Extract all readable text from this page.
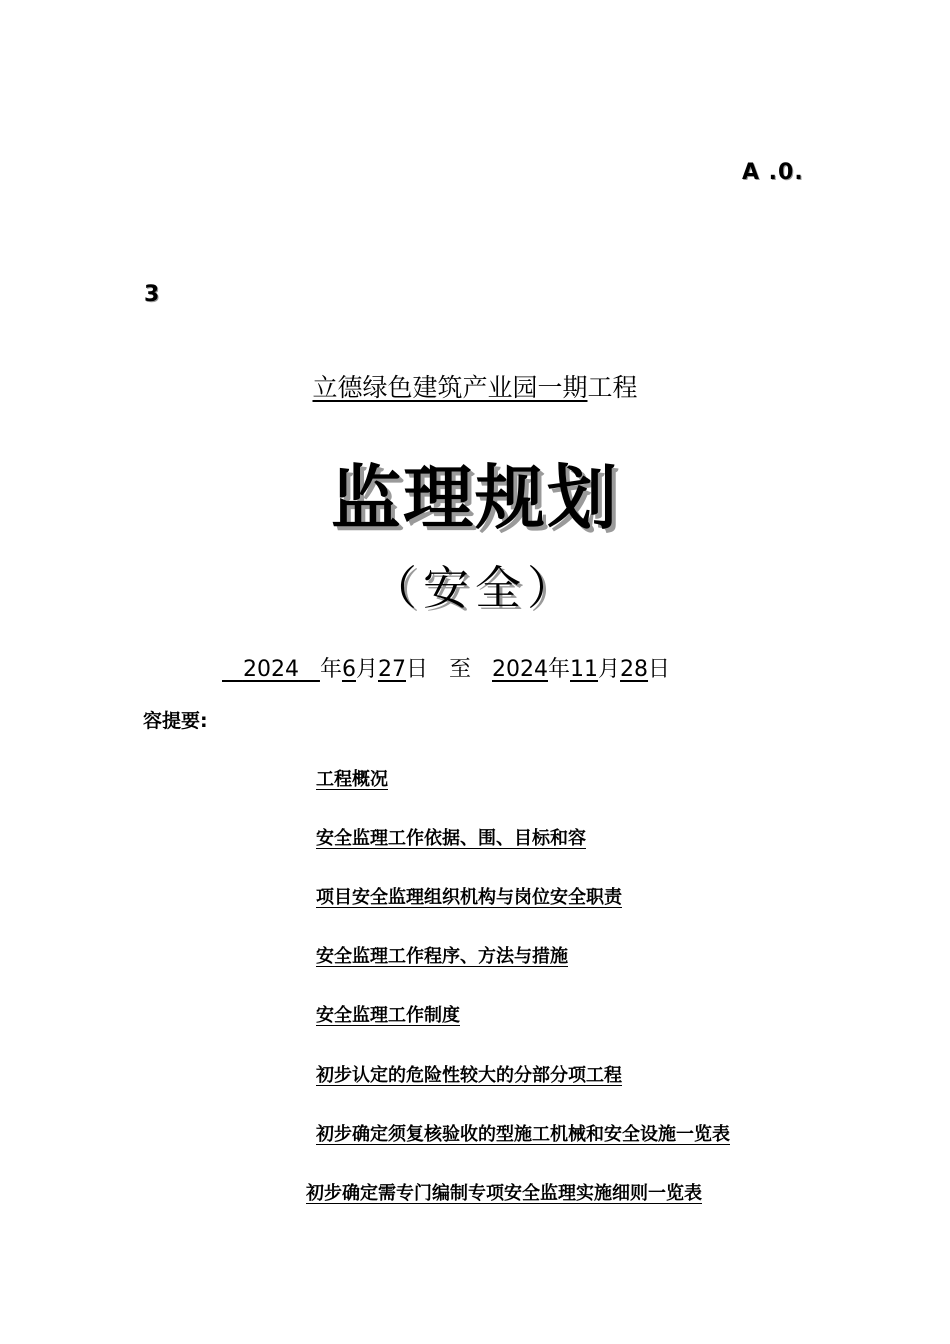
A .0.
3
立德绿色建筑产业园一期工程
监理规划
（安全）
2024 年6月27日 至 2024年11月28日
容提要:
工程概况
安全监理工作依据、围、目标和容
项目安全监理组织机构与岗位安全职责
安全监理工作程序、方法与措施
安全监理工作制度
初步认定的危险性较大的分部分项工程
初步确定须复核验收的型施工机械和安全设施一览表
初步确定需专门编制专项安全监理实施细则一览表
